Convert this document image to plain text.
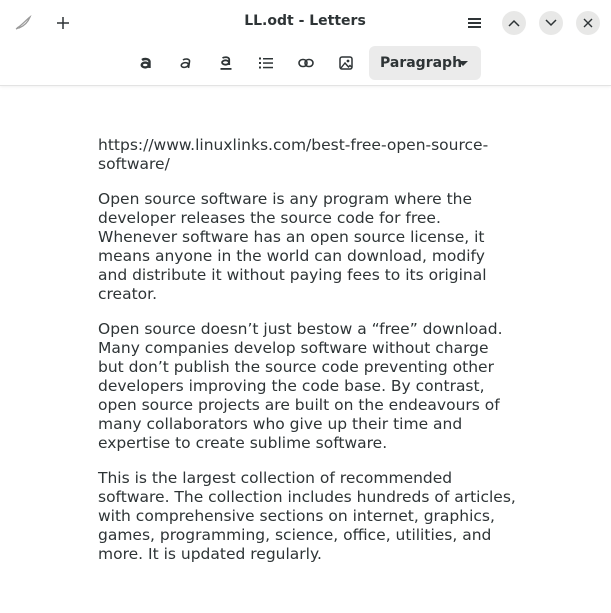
LL.odt - Letters
Paragraph

https://www.linuxlinks.com/best-free-open-source-software/

Open source software is any program where the developer releases the source code for free. Whenever software has an open source license, it means anyone in the world can download, modify and distribute it without paying fees to its original creator.

Open source doesn’t just bestow a “free” download. Many companies develop software without charge but don’t publish the source code preventing other developers improving the code base. By contrast, open source projects are built on the endeavours of many collaborators who give up their time and expertise to create sublime software.

This is the largest collection of recommended software. The collection includes hundreds of articles, with comprehensive sections on internet, graphics, games, programming, science, office, utilities, and more. It is updated regularly.
